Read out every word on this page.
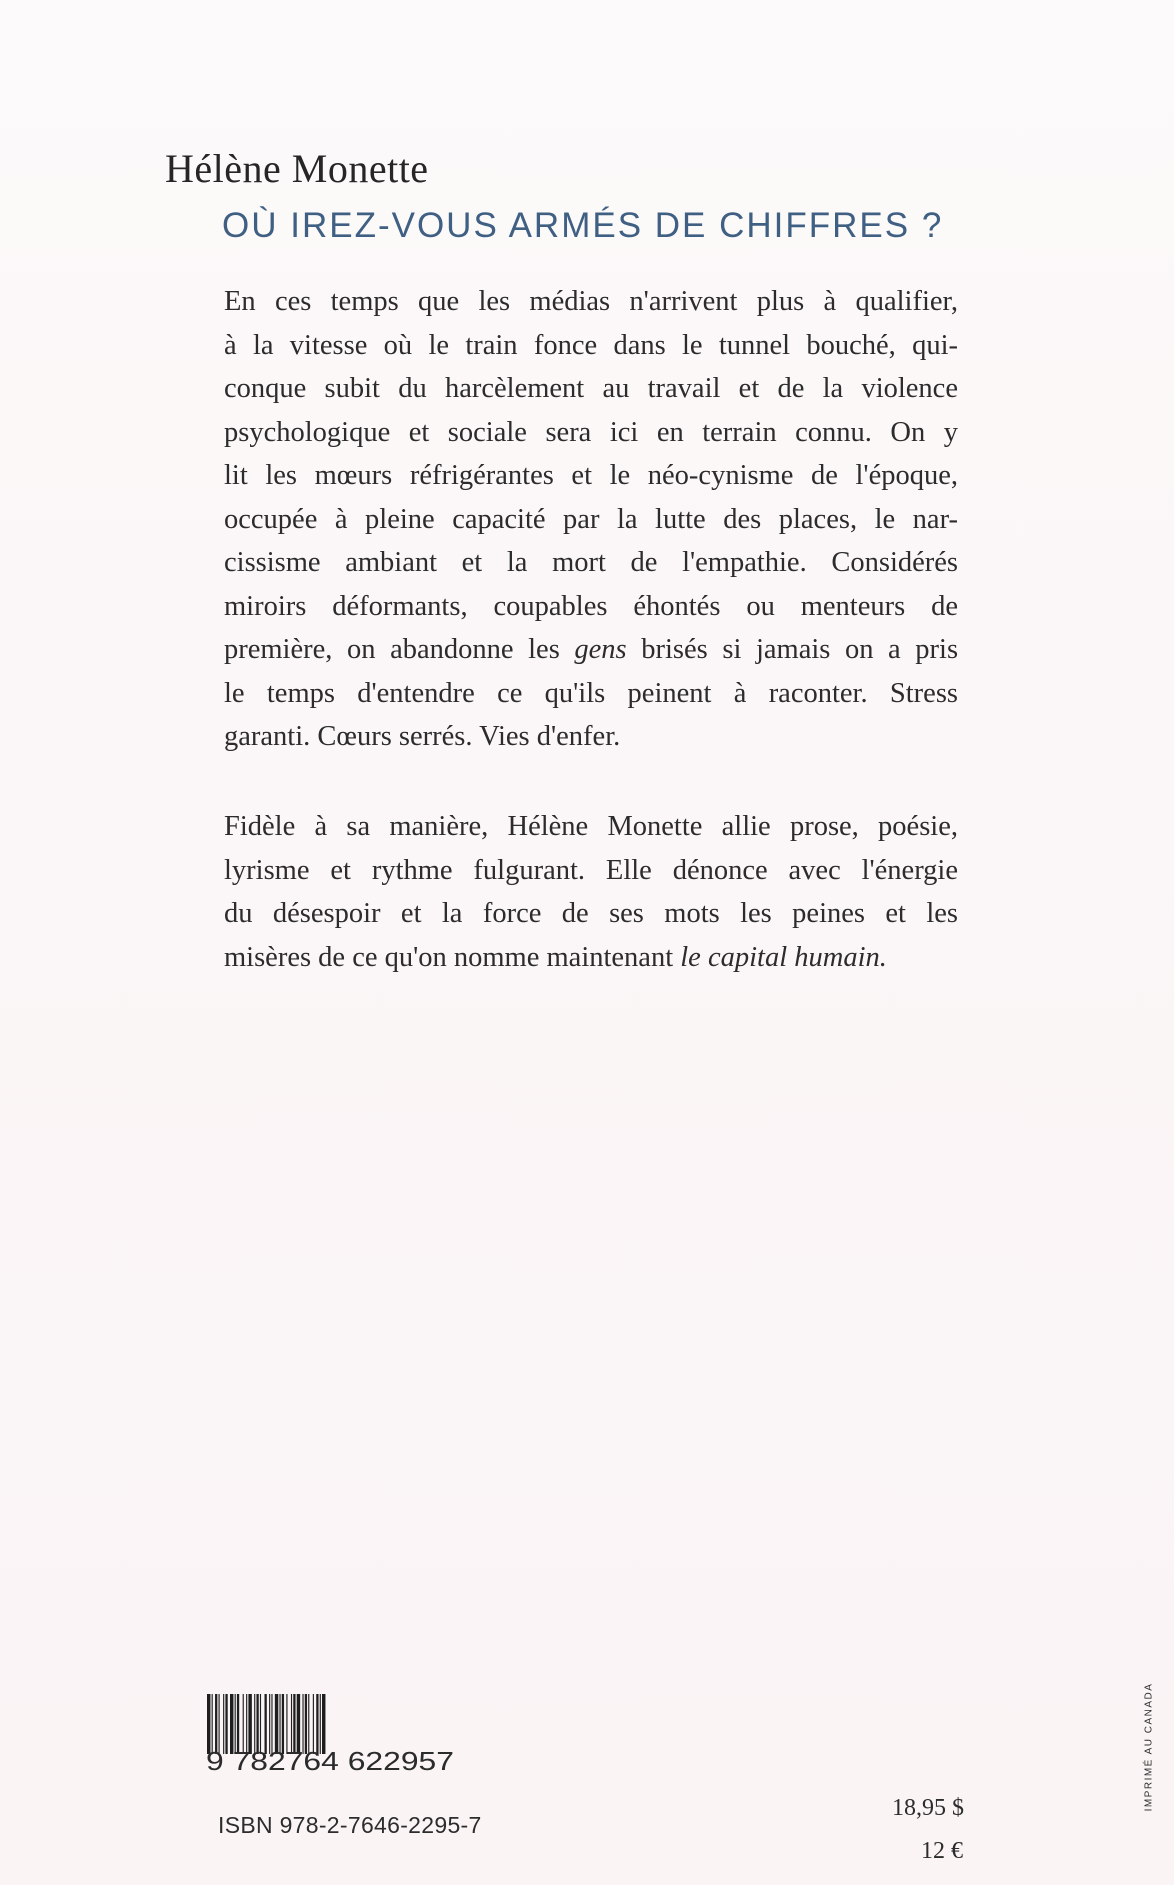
Hélène Monette
OÙ IREZ-VOUS ARMÉS DE CHIFFRES ?
En ces temps que les médias n'arrivent plus à qualifier,
à la vitesse où le train fonce dans le tunnel bouché, qui-
conque subit du harcèlement au travail et de la violence
psychologique et sociale sera ici en terrain connu. On y
lit les mœurs réfrigérantes et le néo-cynisme de l'époque,
occupée à pleine capacité par la lutte des places, le nar-
cissisme ambiant et la mort de l'empathie. Considérés
miroirs déformants, coupables éhontés ou menteurs de
première, on abandonne les gens brisés si jamais on a pris
le temps d'entendre ce qu'ils peinent à raconter. Stress
garanti. Cœurs serrés. Vies d'enfer.
Fidèle à sa manière, Hélène Monette allie prose, poésie,
lyrisme et rythme fulgurant. Elle dénonce avec l'énergie
du désespoir et la force de ses mots les peines et les
misères de ce qu'on nomme maintenant le capital humain.
9 782764 622957
ISBN 978-2-7646-2295-7
18,95 $
12 €
IMPRIMÉ AU CANADA
